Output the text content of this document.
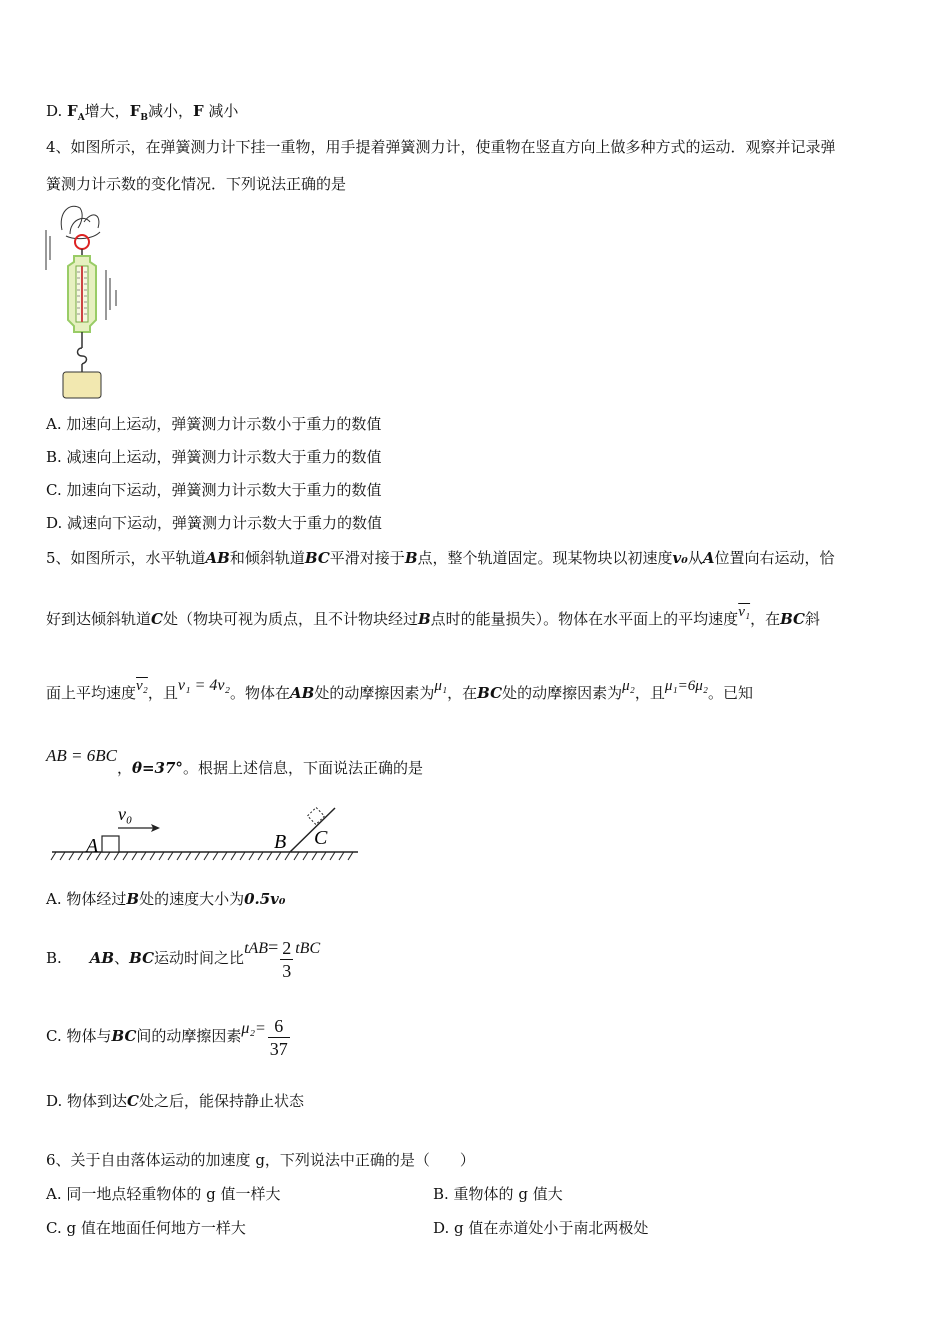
D. $F_A$增大，$F_B$减小，F 减小
4、如图所示，在弹簧测力计下挂一重物，用手提着弹簧测力计，使重物在竖直方向上做多种方式的运动．观察并记录弹
簧测力计示数的变化情况．下列说法正确的是
A. 加速向上运动，弹簧测力计示数小于重力的数值
B. 减速向上运动，弹簧测力计示数大于重力的数值
C. 加速向下运动，弹簧测力计示数大于重力的数值
D. 减速向下运动，弹簧测力计示数大于重力的数值
5、如图所示，水平轨道AB和倾斜轨道BC平滑对接于B点，整个轨道固定。现某物块以初速度v₀从A位置向右运动，恰
好到达倾斜轨道C处（物块可视为质点，且不计物块经过B点时的能量损失）。物体在水平面上的平均速度v₁，在BC斜
面上平均速度v₂，且v₁ = 4v₂。物体在AB处的动摩擦因素为μ₁，在BC处的动摩擦因素为μ₂，且μ₁=6μ₂。已知
AB = 6BC，θ=37°。根据上述信息，下面说法正确的是
v₀
A	B C
A. 物体经过B处的速度大小为0.5v₀
B. AB、BC运动时间之比$tAB= \frac{2}{3}$ tBC
C. 物体与BC间的动摩擦因素$\mu_2= \frac{6}{37}$
D. 物体到达C处之后，能保持静止状态
6、关于自由落体运动的加速度 g，下列说法中正确的是（　　）
A. 同一地点轻重物体的 g 值一样大	B. 重物体的 g 值大
C. g 值在地面任何地方一样大	D. g 值在赤道处小于南北两极处
